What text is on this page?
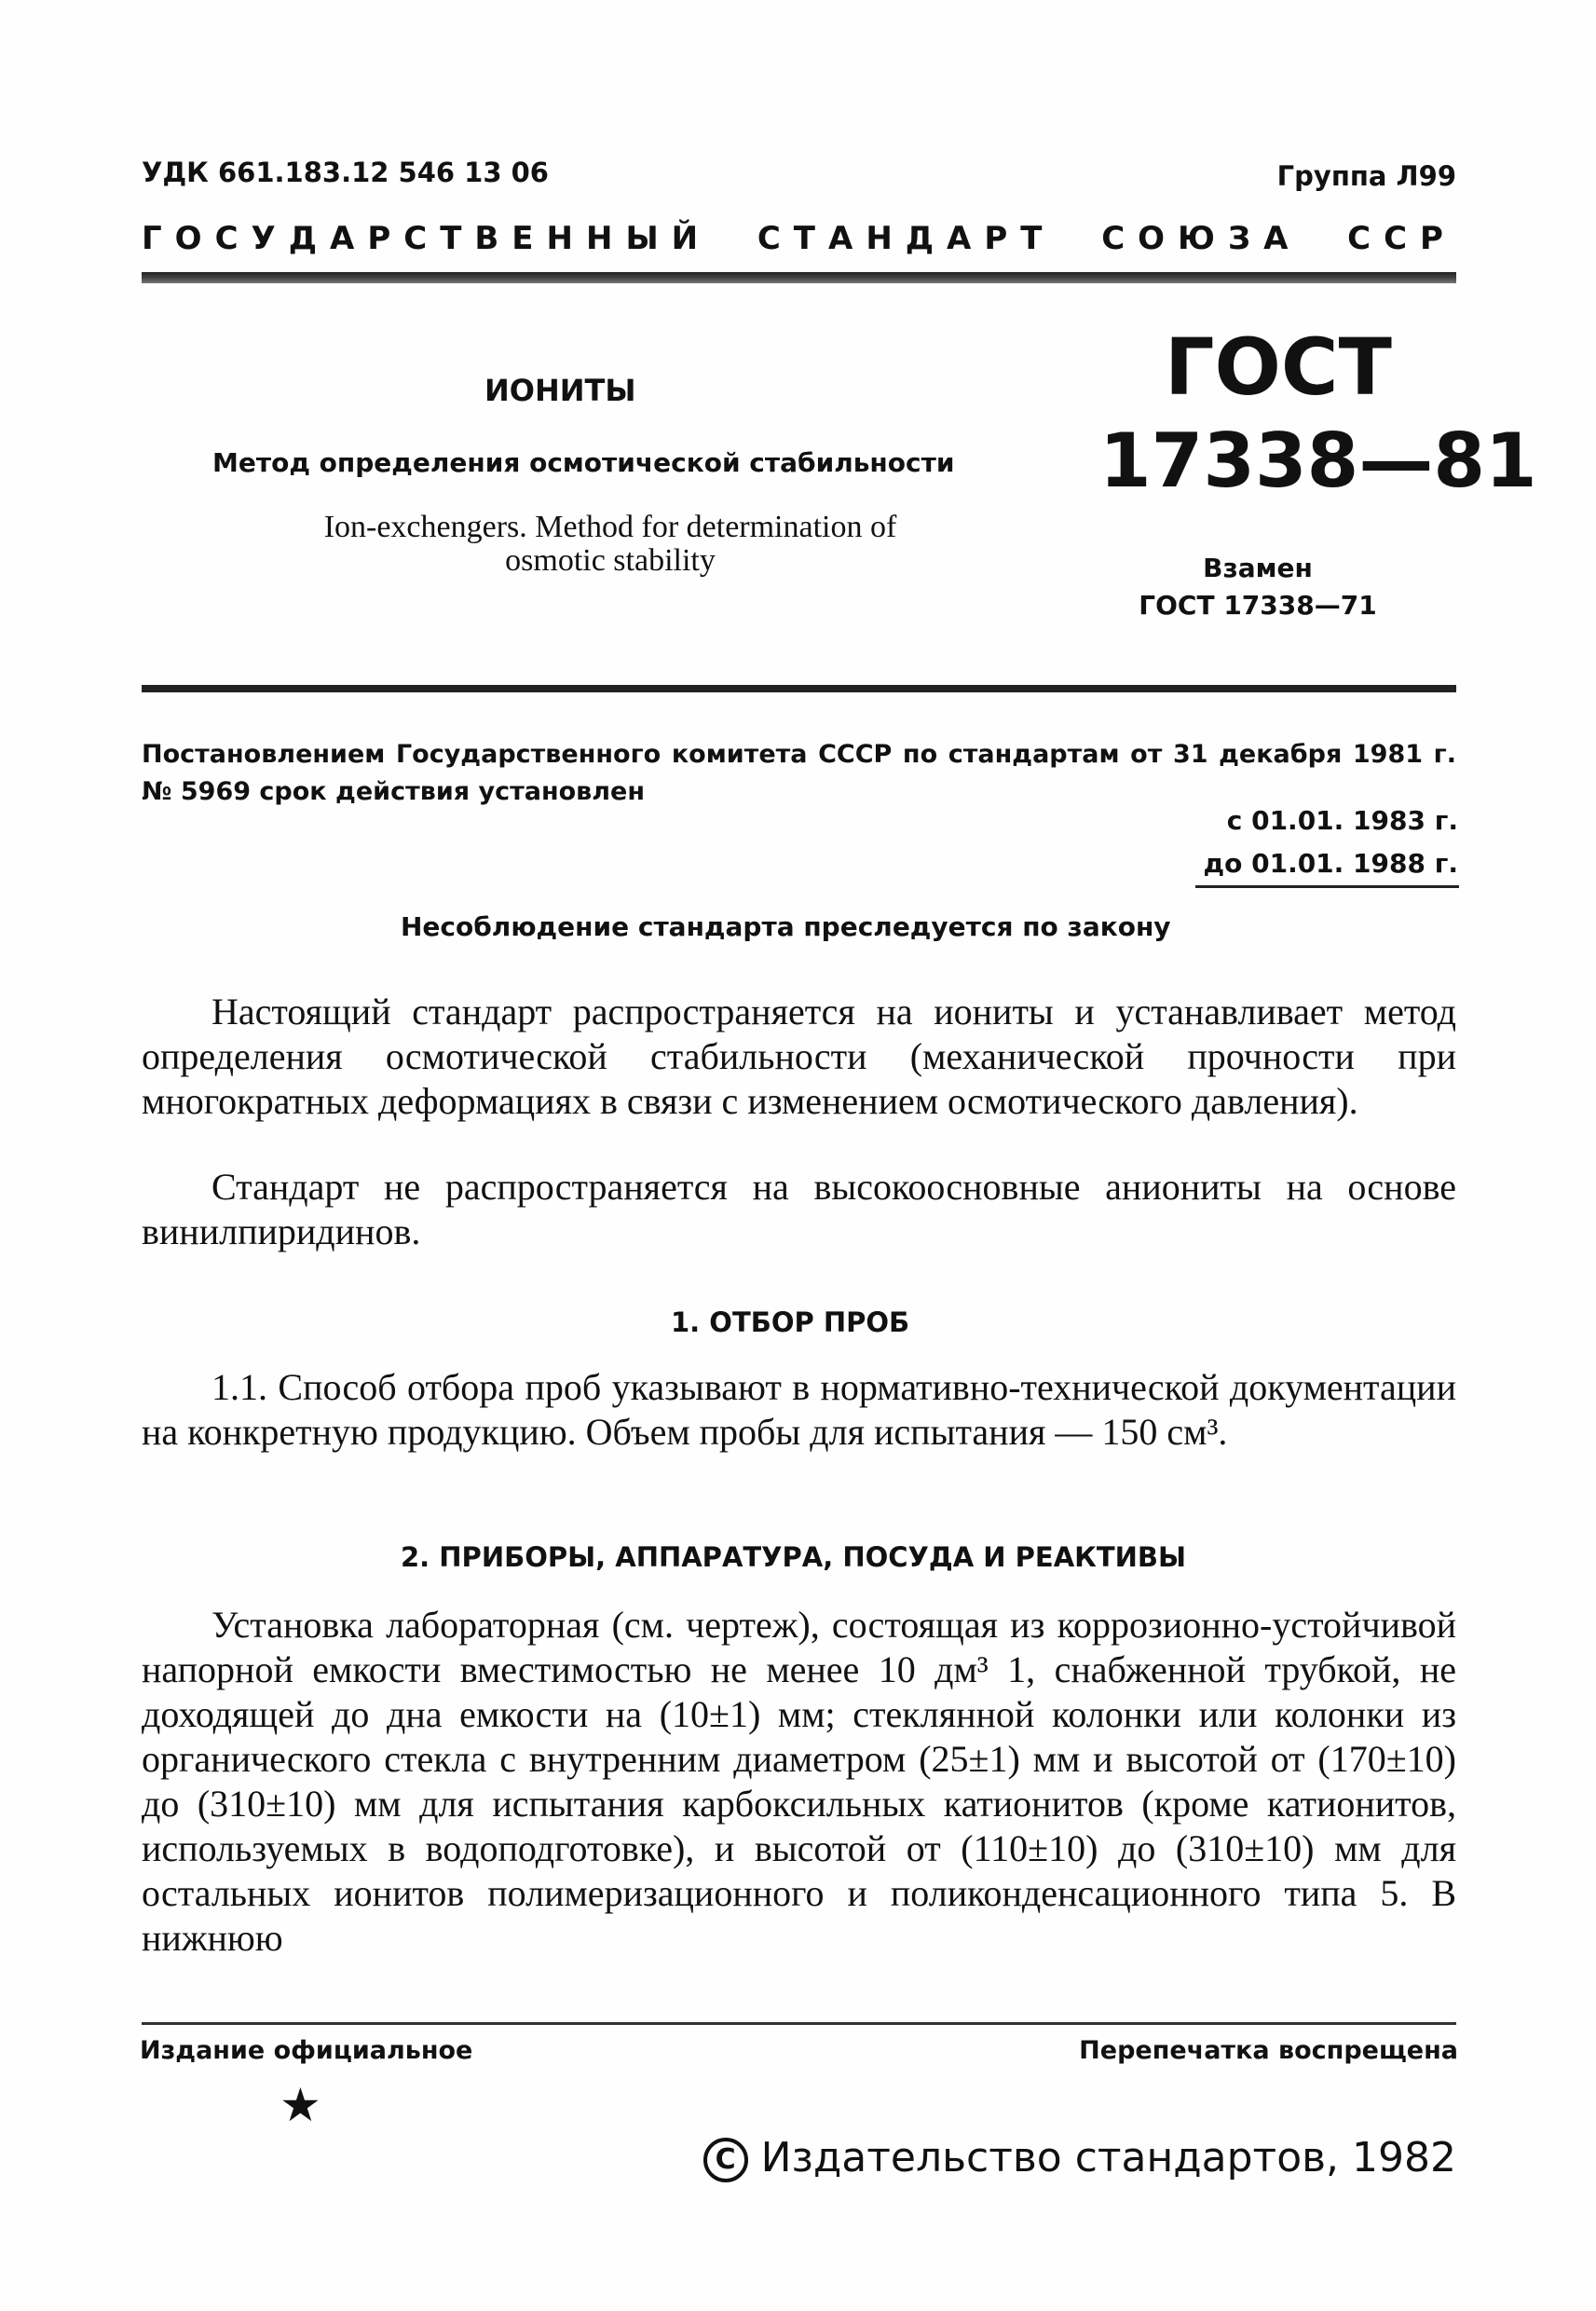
УДК 661.183.12 546 13 06	Группа Л99
ГОСУДАРСТВЕННЫЙ СТАНДАРТ СОЮЗА ССР
ИОНИТЫ
Метод определения осмотической стабильности
Ion-exchengers. Method for determination of osmotic stability
ГОСТ
17338—81
Взамен
ГОСТ 17338—71
Постановлением Государственного комитета СССР по стандартам от 31 декабря 1981 г. № 5969 срок действия установлен
с 01.01. 1983 г.
до 01.01. 1988 г.
Несоблюдение стандарта преследуется по закону

Настоящий стандарт распространяется на иониты и устанавливает метод определения осмотической стабильности (механической прочности при многократных деформациях в связи с изменением осмотического давления).

Стандарт не распространяется на высокоосновные аниониты на основе винилпиридинов.

1. ОТБОР ПРОБ

1.1. Способ отбора проб указывают в нормативно-технической документации на конкретную продукцию. Объем пробы для испытания — 150 см³.

2. ПРИБОРЫ, АППАРАТУРА, ПОСУДА И РЕАКТИВЫ

Установка лабораторная (см. чертеж), состоящая из коррозионно-устойчивой напорной емкости вместимостью не менее 10 дм³ 1, снабженной трубкой, не доходящей до дна емкости на (10±1) мм; стеклянной колонки или колонки из органического стекла с внутренним диаметром (25±1) мм и высотой от (170±10) до (310±10) мм для испытания карбоксильных катионитов (кроме катионитов, используемых в водоподготовке), и высотой от (110±10) до (310±10) мм для остальных ионитов полимеризационного и поликонденсационного типа 5. В нижнюю

Издание официальное	Перепечатка воспрещена
★
C Издательство стандартов, 1982
